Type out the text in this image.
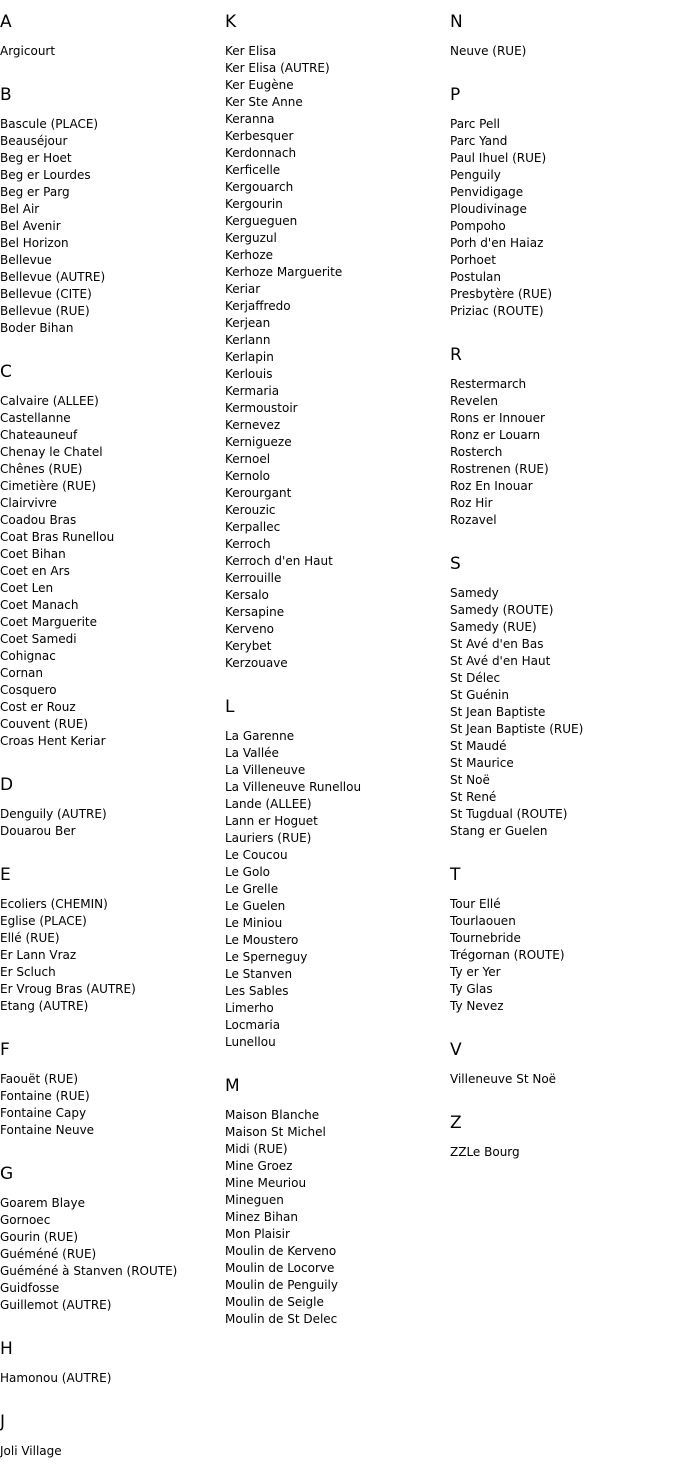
A
Argicourt
B
Bascule (PLACE)
Beauséjour
Beg er Hoet
Beg er Lourdes
Beg er Parg
Bel Air
Bel Avenir
Bel Horizon
Bellevue
Bellevue (AUTRE)
Bellevue (CITE)
Bellevue (RUE)
Boder Bihan
C
Calvaire (ALLEE)
Castellanne
Chateauneuf
Chenay le Chatel
Chênes (RUE)
Cimetière (RUE)
Clairvivre
Coadou Bras
Coat Bras Runellou
Coet Bihan
Coet en Ars
Coet Len
Coet Manach
Coet Marguerite
Coet Samedi
Cohignac
Cornan
Cosquero
Cost er Rouz
Couvent (RUE)
Croas Hent Keriar
D
Denguily (AUTRE)
Douarou Ber
E
Ecoliers (CHEMIN)
Eglise (PLACE)
Ellé (RUE)
Er Lann Vraz
Er Scluch
Er Vroug Bras (AUTRE)
Etang (AUTRE)
F
Faouët (RUE)
Fontaine (RUE)
Fontaine Capy
Fontaine Neuve
G
Goarem Blaye
Gornoec
Gourin (RUE)
Guéméné (RUE)
Guéméné à Stanven (ROUTE)
Guidfosse
Guillemot (AUTRE)
H
Hamonou (AUTRE)
J
Joli Village
K
Ker Elisa
Ker Elisa (AUTRE)
Ker Eugène
Ker Ste Anne
Keranna
Kerbesquer
Kerdonnach
Kerficelle
Kergouarch
Kergourin
Kergueguen
Kerguzul
Kerhoze
Kerhoze Marguerite
Keriar
Kerjaffredo
Kerjean
Kerlann
Kerlapin
Kerlouis
Kermaria
Kermoustoir
Kernevez
Kernigueze
Kernoel
Kernolo
Kerourgant
Kerouzic
Kerpallec
Kerroch
Kerroch d'en Haut
Kerrouille
Kersalo
Kersapine
Kerveno
Kerybet
Kerzouave
L
La Garenne
La Vallée
La Villeneuve
La Villeneuve Runellou
Lande (ALLEE)
Lann er Hoguet
Lauriers (RUE)
Le Coucou
Le Golo
Le Grelle
Le Guelen
Le Miniou
Le Moustero
Le Sperneguy
Le Stanven
Les Sables
Limerho
Locmaria
Lunellou
M
Maison Blanche
Maison St Michel
Midi (RUE)
Mine Groez
Mine Meuriou
Mineguen
Minez Bihan
Mon Plaisir
Moulin de Kerveno
Moulin de Locorve
Moulin de Penguily
Moulin de Seigle
Moulin de St Delec
N
Neuve (RUE)
P
Parc Pell
Parc Yand
Paul Ihuel (RUE)
Penguily
Penvidigage
Ploudivinage
Pompoho
Porh d'en Haiaz
Porhoet
Postulan
Presbytère (RUE)
Priziac (ROUTE)
R
Restermarch
Revelen
Rons er Innouer
Ronz er Louarn
Rosterch
Rostrenen (RUE)
Roz En Inouar
Roz Hir
Rozavel
S
Samedy
Samedy (ROUTE)
Samedy (RUE)
St Avé d'en Bas
St Avé d'en Haut
St Délec
St Guénin
St Jean Baptiste
St Jean Baptiste (RUE)
St Maudé
St Maurice
St Noë
St René
St Tugdual (ROUTE)
Stang er Guelen
T
Tour Ellé
Tourlaouen
Tournebride
Trégornan (ROUTE)
Ty er Yer
Ty Glas
Ty Nevez
V
Villeneuve St Noë
Z
ZZLe Bourg
